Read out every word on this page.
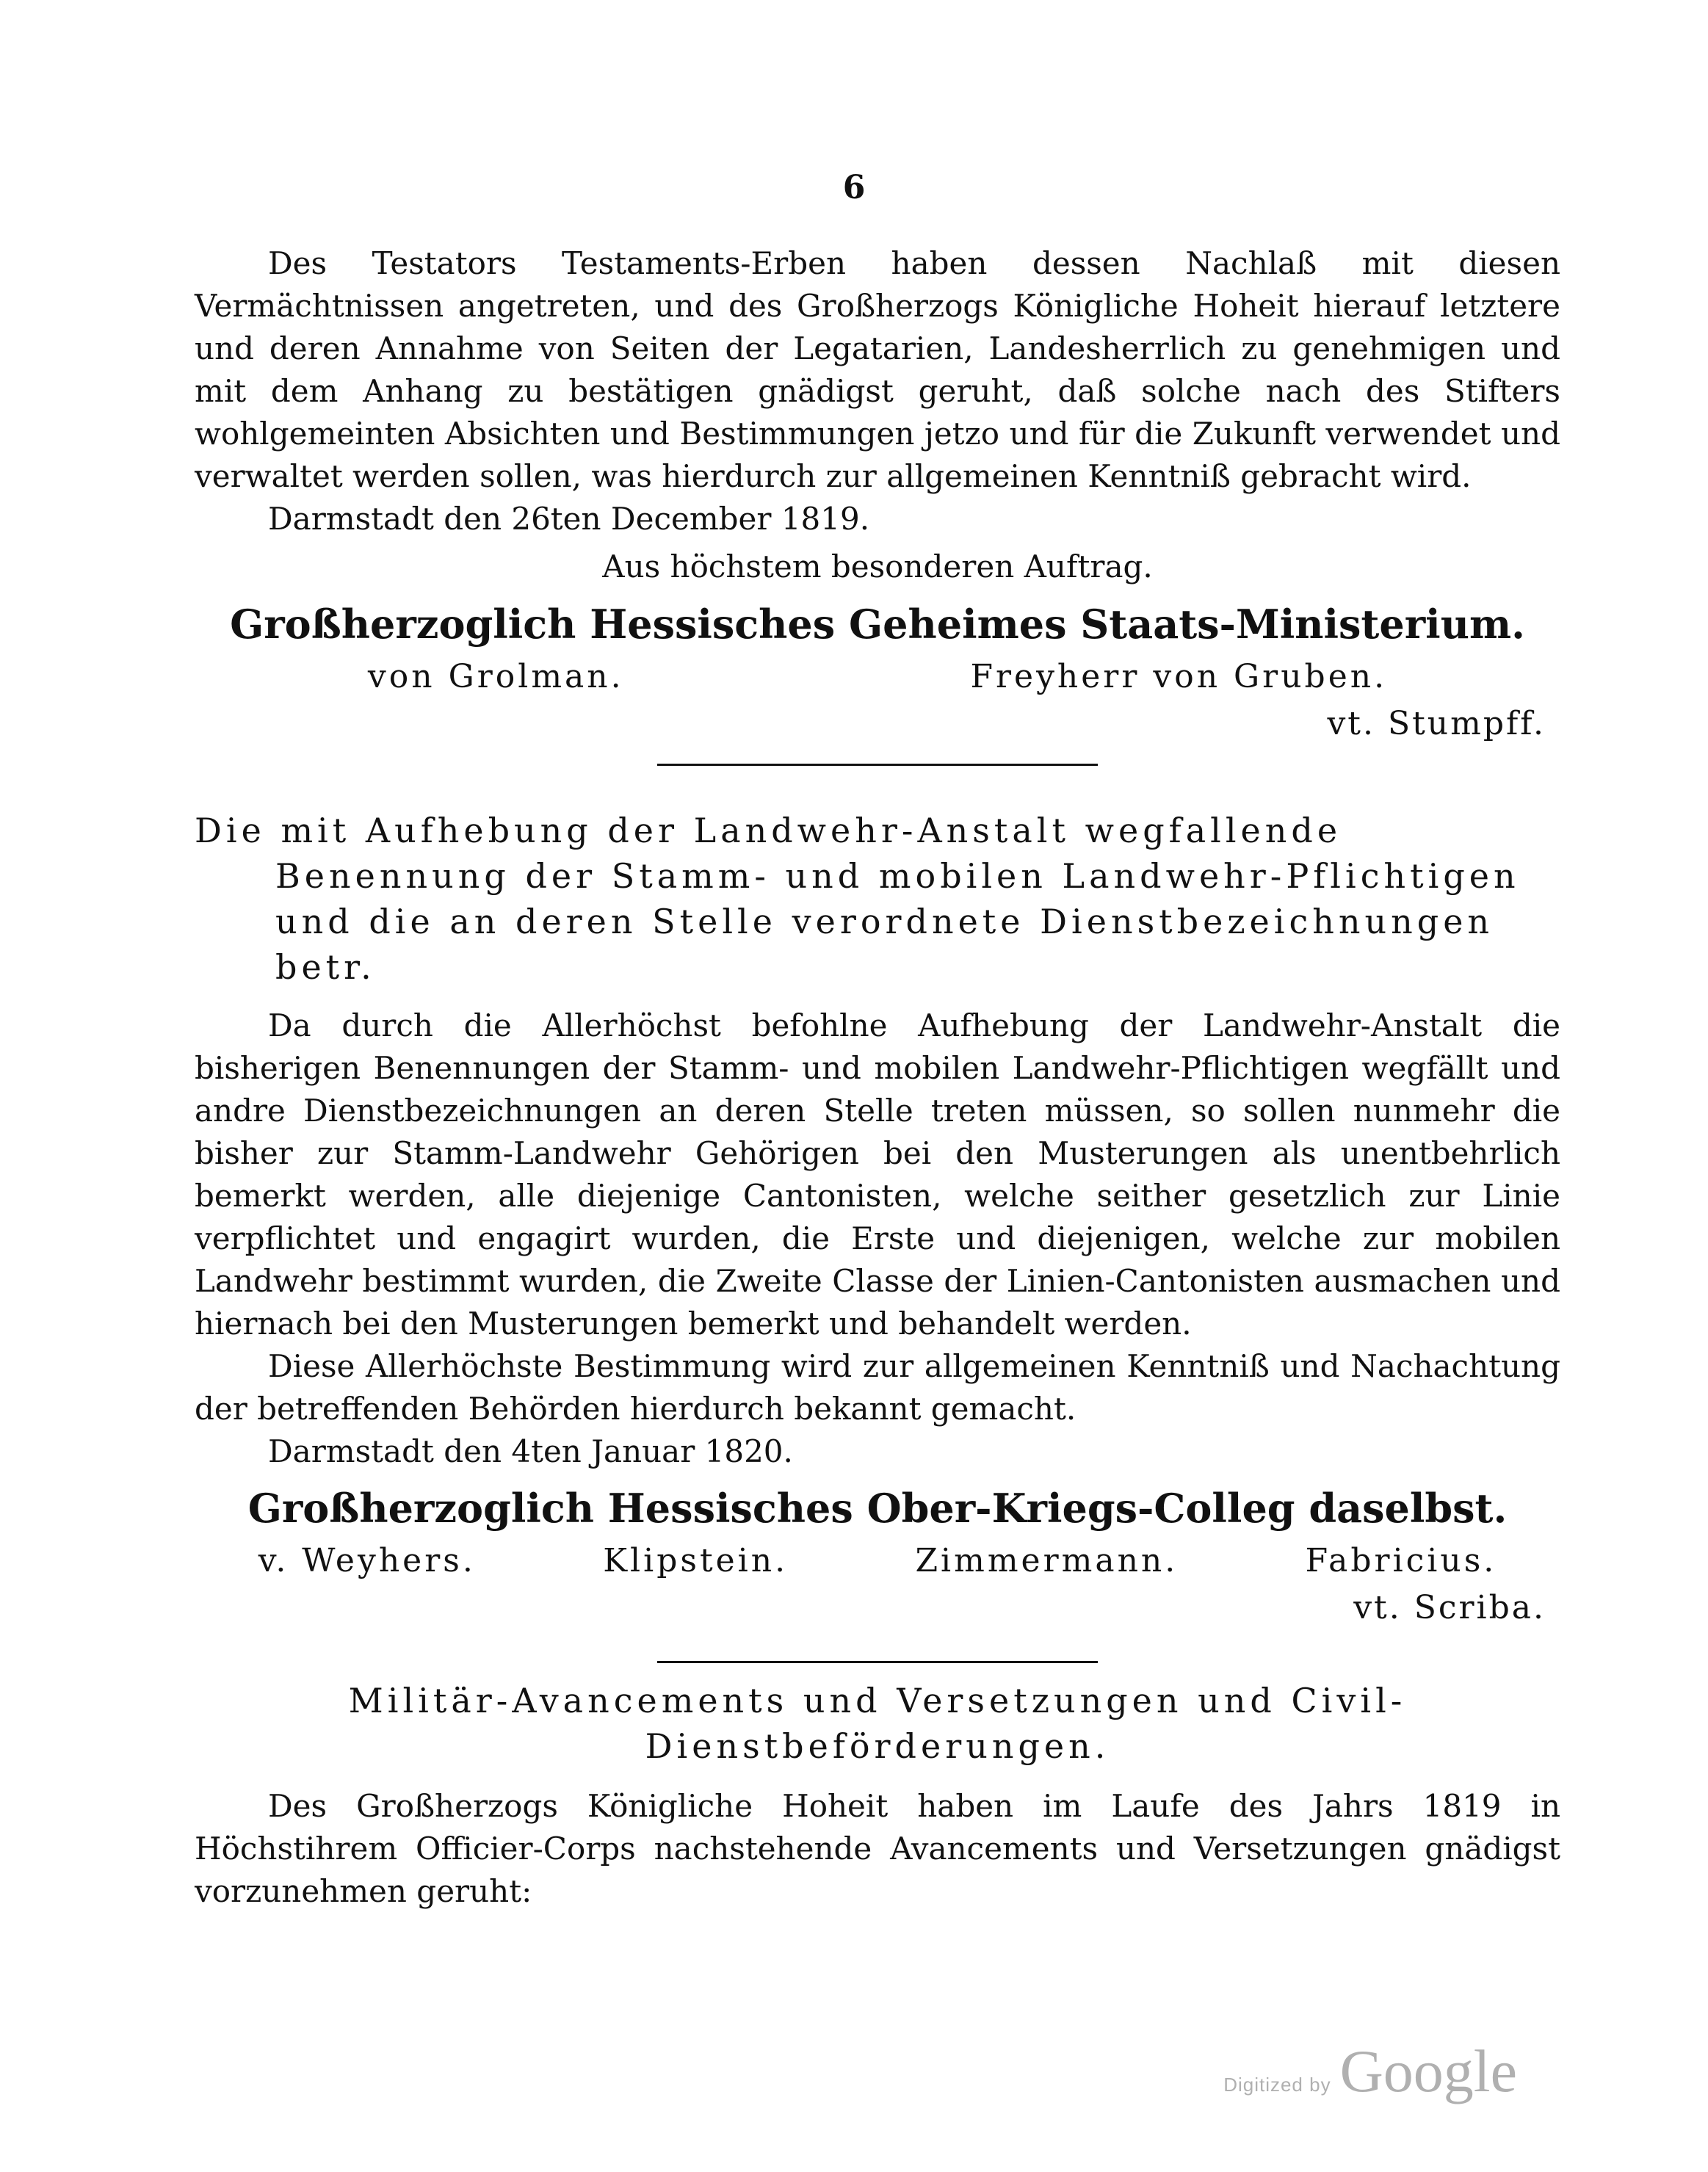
6

Des Testators Testaments-Erben haben dessen Nachlaß mit diesen Vermächtnissen angetreten, und des Großherzogs Königliche Hoheit hierauf letztere und deren Annahme von Seiten der Legatarien, Landesherrlich zu genehmigen und mit dem Anhang zu bestätigen gnädigst geruht, daß solche nach des Stifters wohlgemeinten Absichten und Bestimmungen jetzo und für die Zukunft verwendet und verwaltet werden sollen, was hierdurch zur allgemeinen Kenntniß gebracht wird.

Darmstadt den 26ten December 1819.

Aus höchstem besonderen Auftrag.

Großherzoglich Hessisches Geheimes Staats-Ministerium.

von Grolman.	Freyherr von Gruben.

vt. Stumpff.

Die mit Aufhebung der Landwehr-Anstalt wegfallende Benennung der Stamm- und mobilen Landwehr-Pflichtigen und die an deren Stelle verordnete Dienstbezeichnungen betr.

Da durch die Allerhöchst befohlne Aufhebung der Landwehr-Anstalt die bisherigen Benennungen der Stamm- und mobilen Landwehr-Pflichtigen wegfällt und andre Dienstbezeichnungen an deren Stelle treten müssen, so sollen nunmehr die bisher zur Stamm-Landwehr Gehörigen bei den Musterungen als unentbehrlich bemerkt werden, alle diejenige Cantonisten, welche seither gesetzlich zur Linie verpflichtet und engagirt wurden, die Erste und diejenigen, welche zur mobilen Landwehr bestimmt wurden, die Zweite Classe der Linien-Cantonisten ausmachen und hiernach bei den Musterungen bemerkt und behandelt werden.

Diese Allerhöchste Bestimmung wird zur allgemeinen Kenntniß und Nachachtung der betreffenden Behörden hierdurch bekannt gemacht.

Darmstadt den 4ten Januar 1820.

Großherzoglich Hessisches Ober-Kriegs-Colleg daselbst.

v. Weyhers.	Klipstein.	Zimmermann.	Fabricius.

vt. Scriba.

Militär-Avancements und Versetzungen und Civil-Dienstbeförderungen.

Des Großherzogs Königliche Hoheit haben im Laufe des Jahrs 1819 in Höchstihrem Officier-Corps nachstehende Avancements und Versetzungen gnädigst vorzunehmen geruht:

Digitized by Google
